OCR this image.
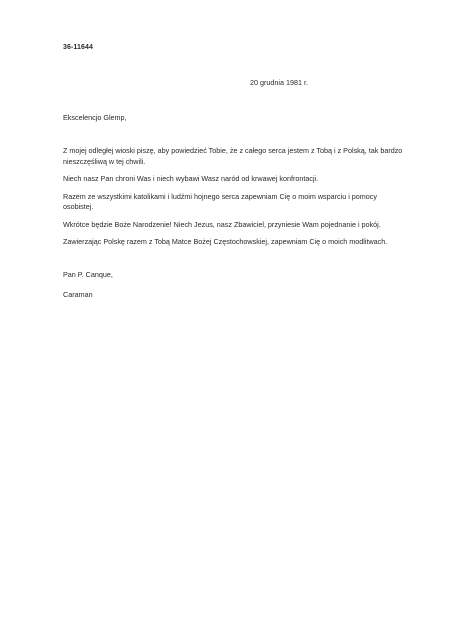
36-11644
20 grudnia 1981 r.
Ekscelencjo Glemp,

Z mojej odległej wioski piszę, aby powiedzieć Tobie, że z całego serca jestem z Tobą i z Polską, tak bardzo nieszczęśliwą w tej chwili.

Niech nasz Pan chroni Was i niech wybawi Wasz naród od krwawej konfrontacji.

Razem ze wszystkimi katolikami i ludźmi hojnego serca zapewniam Cię o moim wsparciu i pomocy osobistej.

Wkrótce będzie Boże Narodzenie! Niech Jezus, nasz Zbawiciel, przyniesie Wam pojednanie i pokój.

Zawierzając Polskę razem z Tobą Matce Bożej Częstochowskiej, zapewniam Cię o moich modlitwach.

Pan P. Canque,
Caraman
